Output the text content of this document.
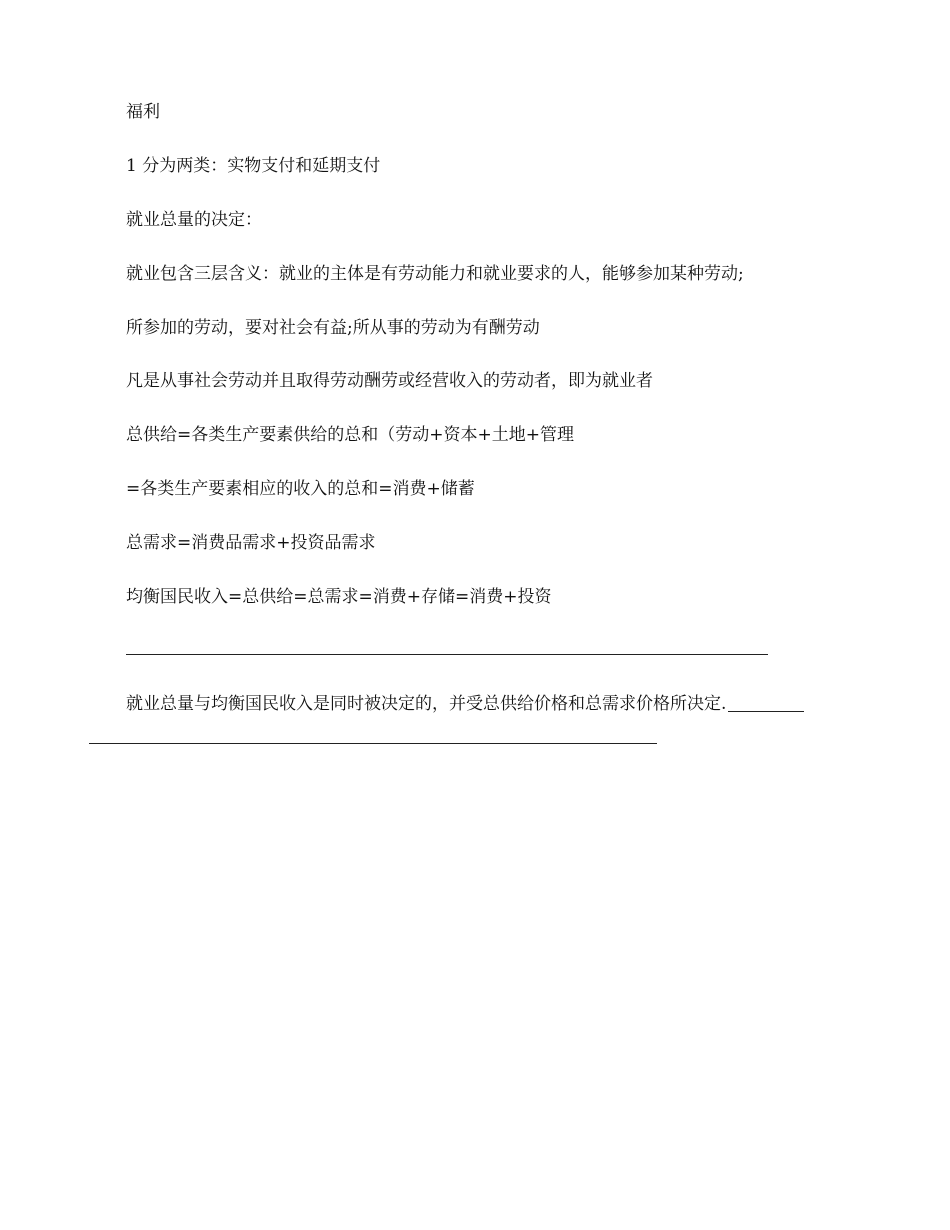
福利
1 分为两类：实物支付和延期支付
就业总量的决定：
就业包含三层含义：就业的主体是有劳动能力和就业要求的人，能够参加某种劳动;
所参加的劳动，要对社会有益;所从事的劳动为有酬劳动
凡是从事社会劳动并且取得劳动酬劳或经营收入的劳动者，即为就业者
总供给=各类生产要素供给的总和（劳动+资本+土地+管理
=各类生产要素相应的收入的总和=消费+储蓄
总需求=消费品需求+投资品需求
均衡国民收入=总供给=总需求=消费+存储=消费+投资
就业总量与均衡国民收入是同时被决定的，并受总供给价格和总需求价格所决定.
